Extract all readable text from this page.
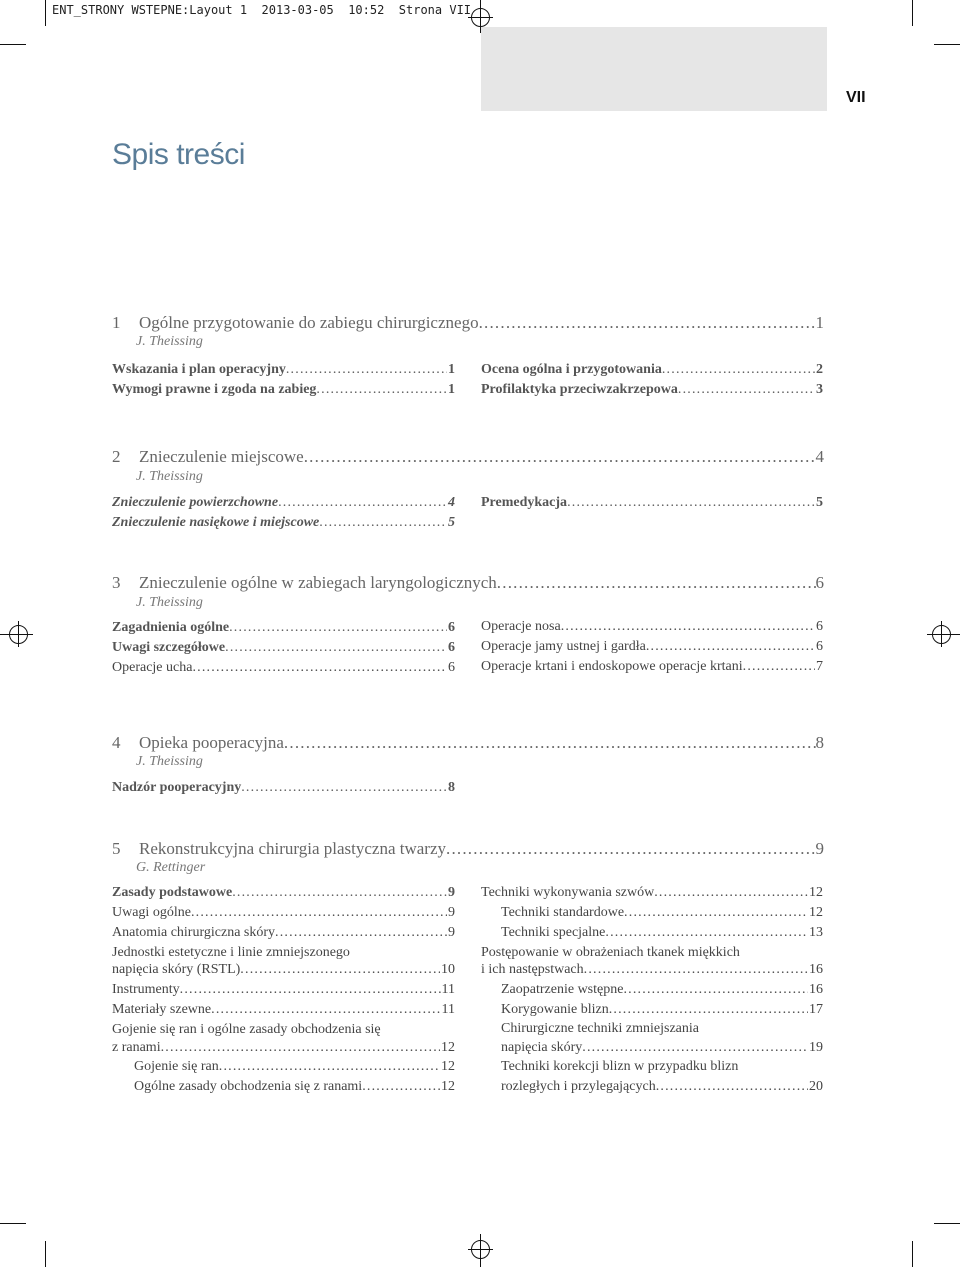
ENT_STRONY WSTEPNE:Layout 1  2013-03-05  10:52  Strona VII
VII
Spis treści
1	Ogólne przygotowanie do zabiegu chirurgicznego .....	1
J. Theissing
Wskazania i plan operacyjny .....	1
Wymogi prawne i zgoda na zabieg .....	1
Ocena ogólna i przygotowania .....	2
Profilaktyka przeciwzakrzepowa .....	3
2	Znieczulenie miejscowe .....	4
J. Theissing
Znieczulenie powierzchowne .....	4
Znieczulenie nasiękowe i miejscowe .....	5
Premedykacja .....	5
3	Znieczulenie ogólne w zabiegach laryngologicznych .....	6
J. Theissing
Zagadnienia ogólne .....	6
Uwagi szczegółowe .....	6
Operacje ucha .....	6
Operacje nosa .....	6
Operacje jamy ustnej i gardła .....	6
Operacje krtani i endoskopowe operacje krtani .....	7
4	Opieka pooperacyjna .....	8
J. Theissing
Nadzór pooperacyjny .....	8
5	Rekonstrukcyjna chirurgia plastyczna twarzy .....	9
G. Rettinger
Zasady podstawowe .....	9
Uwagi ogólne .....	9
Anatomia chirurgiczna skóry .....	9
Jednostki estetyczne i linie zmniejszonego
napięcia skóry (RSTL) .....	10
Instrumenty .....	11
Materiały szewne .....	11
Gojenie się ran i ogólne zasady obchodzenia się
z ranami .....	12
Gojenie się ran .....	12
Ogólne zasady obchodzenia się z ranami .....	12
Techniki wykonywania szwów .....	12
Techniki standardowe .....	12
Techniki specjalne .....	13
Postępowanie w obrażeniach tkanek miękkich
i ich następstwach .....	16
Zaopatrzenie wstępne .....	16
Korygowanie blizn .....	17
Chirurgiczne techniki zmniejszania
napięcia skóry .....	19
Techniki korekcji blizn w przypadku blizn
rozległych i przylegających .....	20
